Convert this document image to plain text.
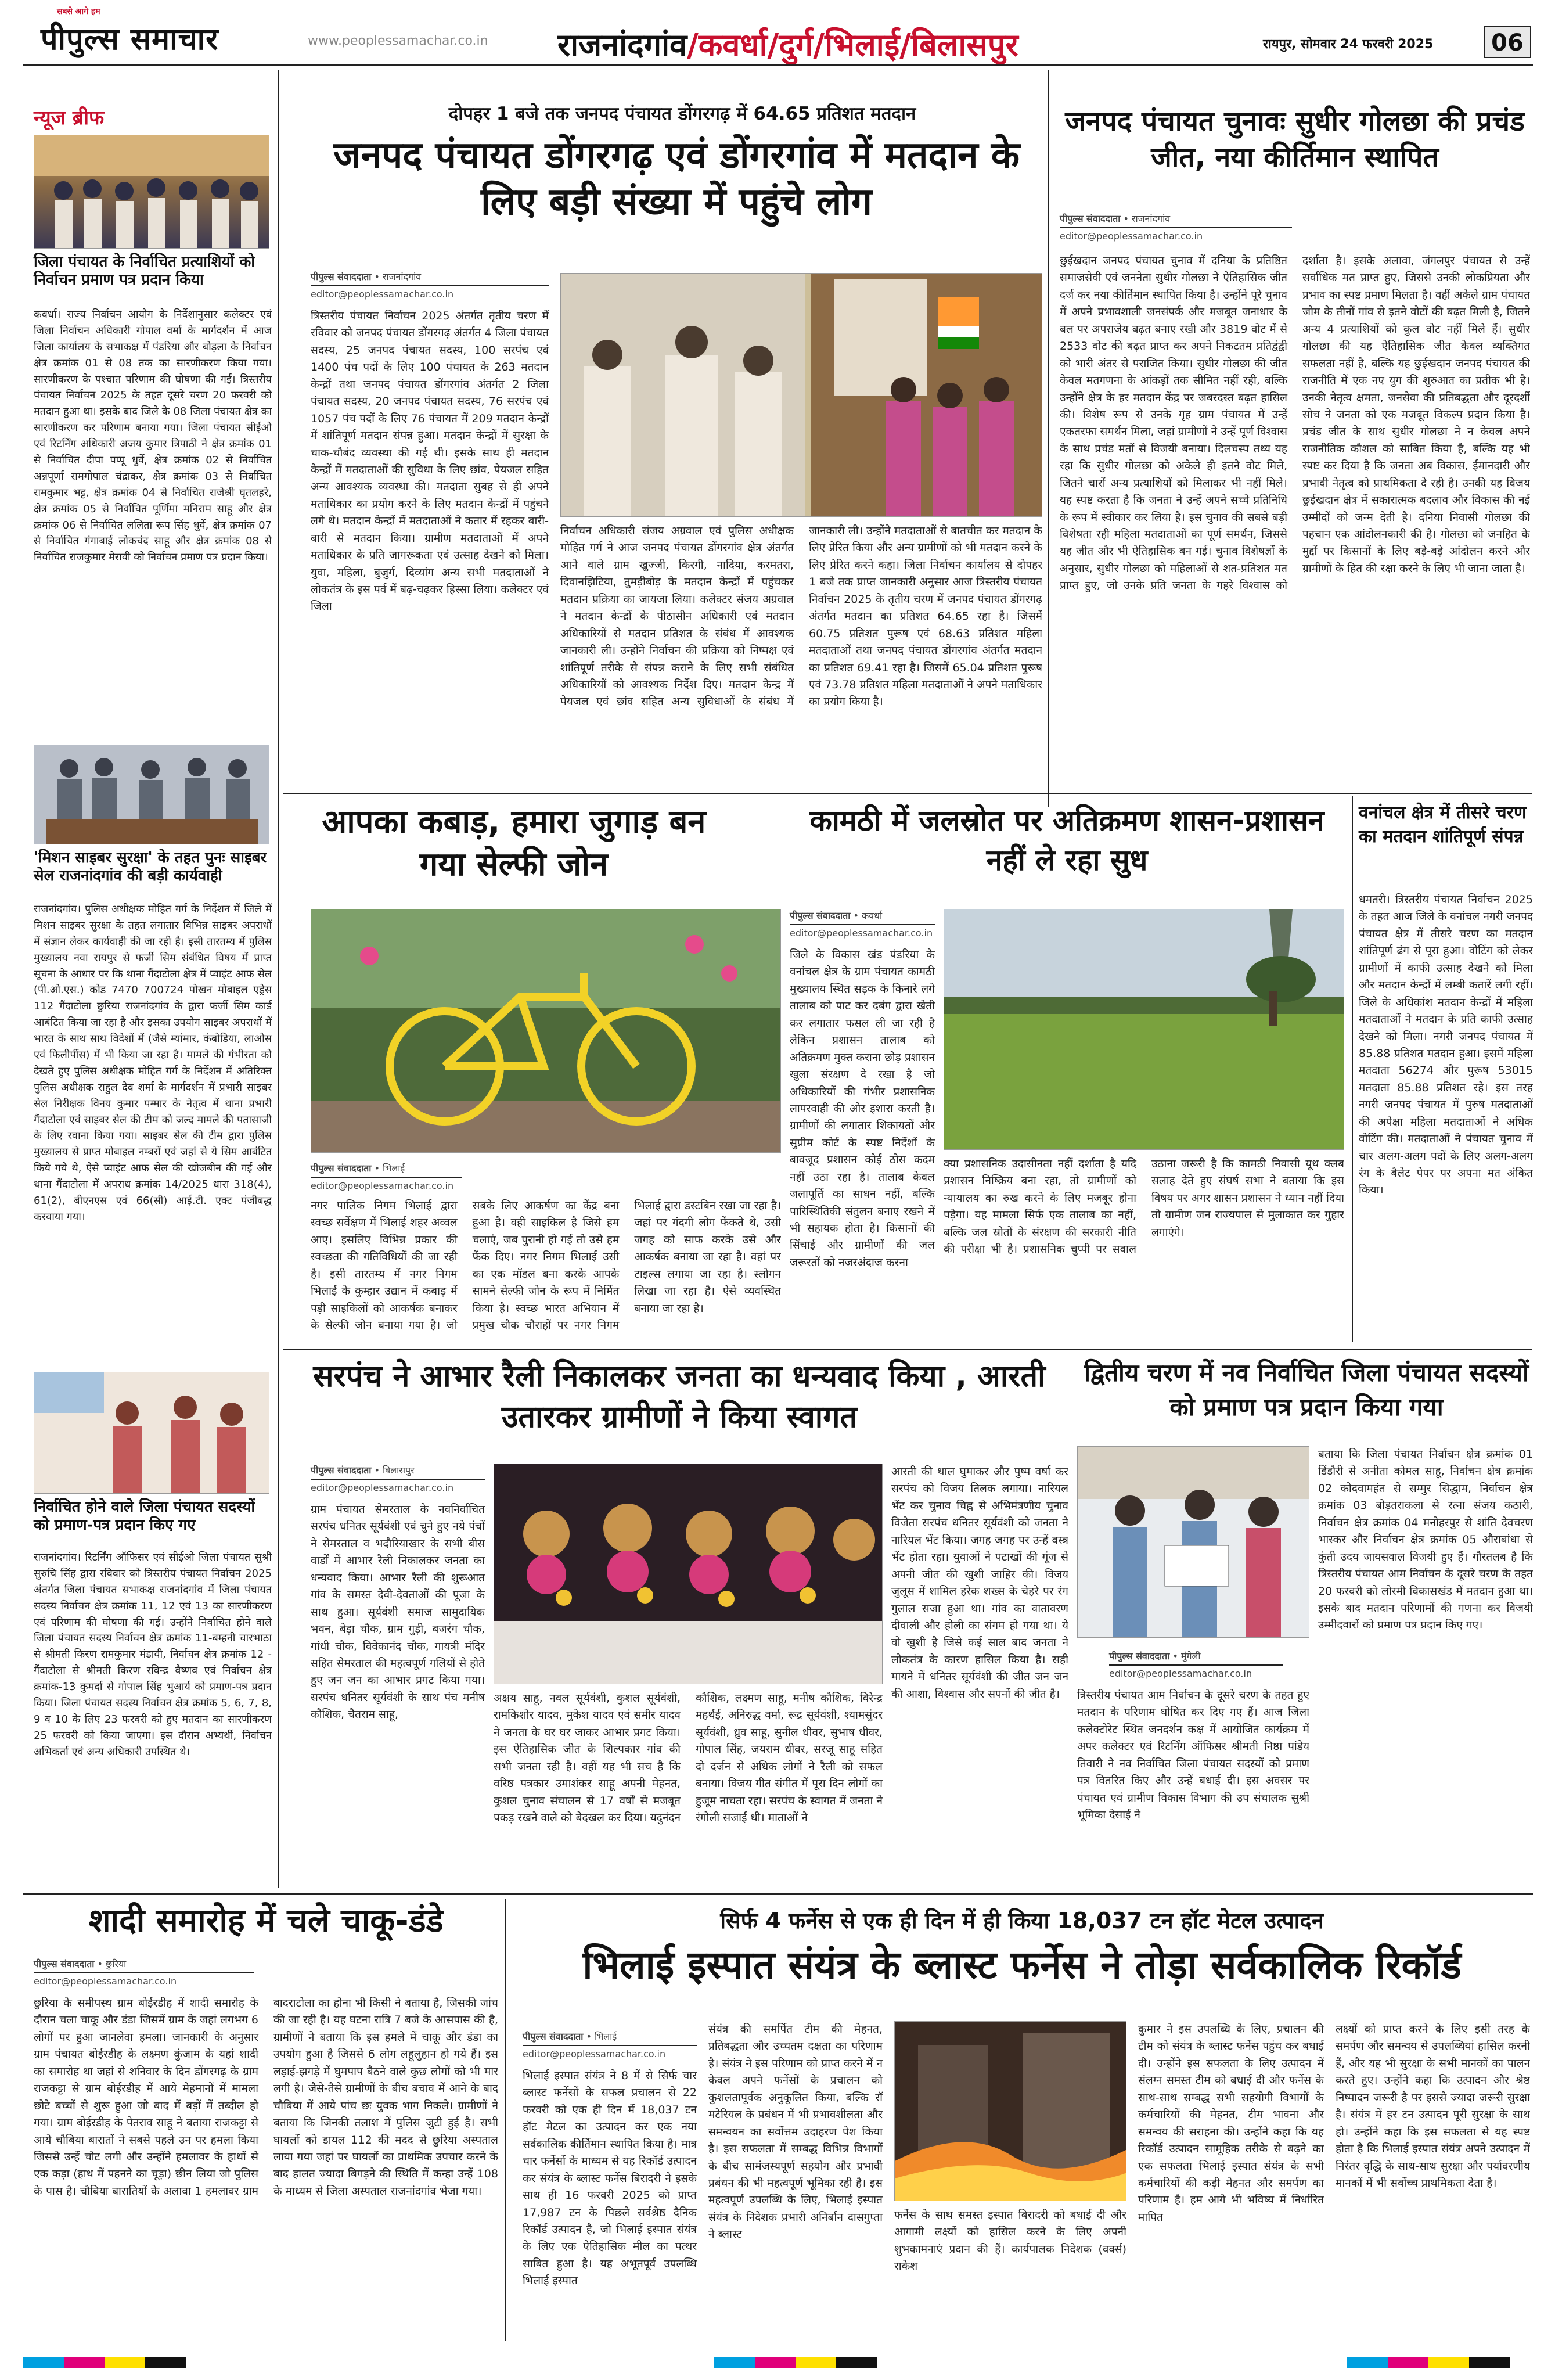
सबसे आगे हम
पीपुल्स समाचार	www.peoplessamachar.co.in राजनांदगांव/कवर्धा/दुर्ग/भिलाई/बिलासपुर	रायपुर, सोमवार 24 फरवरी 2025	06
न्यूज ब्रीफ
जिला पंचायत के निर्वाचित प्रत्याशियों को निर्वाचन प्रमाण पत्र प्रदान किया
कवर्धा। राज्य निर्वाचन आयोग के निर्देशानुसार कलेक्टर एवं जिला निर्वाचन अधिकारी गोपाल वर्मा के मार्गदर्शन में आज जिला कार्यालय के सभाकक्ष में पंडरिया और बोड़ला के निर्वाचन क्षेत्र क्रमांक 01 से 08 तक का सारणीकरण किया गया। सारणीकरण के पश्चात परिणाम की घोषणा की गई। त्रिस्तरीय पंचायत निर्वाचन 2025 के तहत दूसरे चरण 20 फरवरी को मतदान हुआ था। इसके बाद जिले के 08 जिला पंचायत क्षेत्र का सारणीकरण कर परिणाम बनाया गया। जिला पंचायत सीईओ एवं रिटर्निंग अधिकारी अजय कुमार त्रिपाठी ने क्षेत्र क्रमांक 01 से निर्वाचित दीपा पप्पू धुर्वे, क्षेत्र क्रमांक 02 से निर्वाचित अन्नपूर्णा रामगोपाल चंद्राकर, क्षेत्र क्रमांक 03 से निर्वाचित रामकुमार भट्ट, क्षेत्र क्रमांक 04 से निर्वाचित राजेश्री घृतलहरे, क्षेत्र क्रमांक 05 से निर्वाचित पूर्णिमा मनिराम साहू और क्षेत्र क्रमांक 06 से निर्वाचित ललिता रूप सिंह धुर्वे, क्षेत्र क्रमांक 07 से निर्वाचित गंगाबाई लोकचंद साहू और क्षेत्र क्रमांक 08 से निर्वाचित राजकुमार मेरावी को निर्वाचन प्रमाण पत्र प्रदान किया।
'मिशन साइबर सुरक्षा' के तहत पुनः साइबर सेल राजनांदगांव की बड़ी कार्यवाही
राजनांदगांव। पुलिस अधीक्षक मोहित गर्ग के निर्देशन में जिले में मिशन साइबर सुरक्षा के तहत लगातार विभिन्न साइबर अपराधों में संज्ञान लेकर कार्यवाही की जा रही है। इसी तारतम्य में पुलिस मुख्यालय नवा रायपुर से फर्जी सिम संबंधित विषय में प्राप्त सूचना के आधार पर कि थाना गैंदाटोला क्षेत्र में प्वाइंट आफ सेल (पी.ओ.एस.) कोड 7470 700724 पोखन मोबाइल एड्रेस 112 गैंदाटोला छुरिया राजनांदगांव के द्वारा फर्जी सिम कार्ड आबंटित किया जा रहा है और इसका उपयोग साइबर अपराधों में भारत के साथ साथ विदेशों में (जैसे म्यांमार, कंबोडिया, लाओस एवं फिलीपींस) में भी किया जा रहा है। मामले की गंभीरता को देखते हुए पुलिस अधीक्षक मोहित गर्ग के निर्देशन में अतिरिक्त पुलिस अधीक्षक राहुल देव शर्मा के मार्गदर्शन में प्रभारी साइबर सेल निरीक्षक विनय कुमार पम्मार के नेतृत्व में थाना प्रभारी गैंदाटोला एवं साइबर सेल की टीम को जल्द मामले की पतासाजी के लिए रवाना किया गया। साइबर सेल की टीम द्वारा पुलिस मुख्यालय से प्राप्त मोबाइल नम्बरों एवं जहां से ये सिम आबंटित किये गये थे, ऐसे प्वाइंट आफ सेल की खोजबीन की गई और थाना गैंदाटोला में अपराध क्रमांक 14/2025 धारा 318(4), 61(2), बीएनएस एवं 66(सी) आई.टी. एक्ट पंजीबद्ध करवाया गया।
निर्वाचित होने वाले जिला पंचायत सदस्यों को प्रमाण-पत्र प्रदान किए गए
राजनांदगांव। रिटर्निंग ऑफिसर एवं सीईओ जिला पंचायत सुश्री सुरुचि सिंह द्वारा रविवार को त्रिस्तरीय पंचायत निर्वाचन 2025 अंतर्गत जिला पंचायत सभाकक्ष राजनांदगांव में जिला पंचायत सदस्य निर्वाचन क्षेत्र क्रमांक 11, 12 एवं 13 का सारणीकरण एवं परिणाम की घोषणा की गई। उन्होंने निर्वाचित होने वाले जिला पंचायत सदस्य निर्वाचन क्षेत्र क्रमांक 11-बम्हनी चारभाठा से श्रीमती किरण रामकुमार मंडावी, निर्वाचन क्षेत्र क्रमांक 12 - गैंदाटोला से श्रीमती किरण रविन्द्र वैष्णव एवं निर्वाचन क्षेत्र क्रमांक-13 कुमर्दा से गोपाल सिंह भुआर्य को प्रमाण-पत्र प्रदान किया। जिला पंचायत सदस्य निर्वाचन क्षेत्र क्रमांक 5, 6, 7, 8, 9 व 10 के लिए 23 फरवरी को हुए मतदान का सारणीकरण 25 फरवरी को किया जाएगा। इस दौरान अभ्यर्थी, निर्वाचन अभिकर्ता एवं अन्य अधिकारी उपस्थित थे।
दोपहर 1 बजे तक जनपद पंचायत डोंगरगढ़ में 64.65 प्रतिशत मतदान
जनपद पंचायत डोंगरगढ़ एवं डोंगरगांव में मतदान के लिए बड़ी संख्या में पहुंचे लोग
पीपुल्स संवाददाता • राजनांदगांव
editor@peoplessamachar.co.in
त्रिस्तरीय पंचायत निर्वाचन 2025 अंतर्गत तृतीय चरण में रविवार को जनपद पंचायत डोंगरगढ़ अंतर्गत 4 जिला पंचायत सदस्य, 25 जनपद पंचायत सदस्य, 100 सरपंच एवं 1400 पंच पदों के लिए 100 पंचायत के 263 मतदान केन्द्रों तथा जनपद पंचायत डोंगरगांव अंतर्गत 2 जिला पंचायत सदस्य, 20 जनपद पंचायत सदस्य, 76 सरपंच एवं 1057 पंच पदों के लिए 76 पंचायत में 209 मतदान केन्द्रों में शांतिपूर्ण मतदान संपन्न हुआ। मतदान केन्द्रों में सुरक्षा के चाक-चौबंद व्यवस्था की गई थी। इसके साथ ही मतदान केन्द्रों में मतदाताओं की सुविधा के लिए छांव, पेयजल सहित अन्य आवश्यक व्यवस्था की। मतदाता सुबह से ही अपने मताधिकार का प्रयोग करने के लिए मतदान केन्द्रों में पहुंचने लगे थे। मतदान केन्द्रों में मतदाताओं ने कतार में रहकर बारी-बारी से मतदान किया। ग्रामीण मतदाताओं में अपने मताधिकार के प्रति जागरूकता एवं उत्साह देखने को मिला। युवा, महिला, बुजुर्ग, दिव्यांग अन्य सभी मतदाताओं ने लोकतंत्र के इस पर्व में बढ़-चढ़कर हिस्सा लिया। कलेक्टर एवं जिला
निर्वाचन अधिकारी संजय अग्रवाल एवं पुलिस अधीक्षक मोहित गर्ग ने आज जनपद पंचायत डोंगरगांव क्षेत्र अंतर्गत आने वाले ग्राम खुज्जी, किरगी, नादिया, करमतरा, दिवानझिटिया, तुमड़ीबोड़ के मतदान केन्द्रों में पहुंचकर मतदान प्रक्रिया का जायजा लिया। कलेक्टर संजय अग्रवाल ने मतदान केन्द्रों के पीठासीन अधिकारी एवं मतदान अधिकारियों से मतदान प्रतिशत के संबंध में आवश्यक जानकारी ली। उन्होंने निर्वाचन की प्रक्रिया को निष्पक्ष एवं शांतिपूर्ण तरीके से संपन्न कराने के लिए सभी संबंधित अधिकारियों को आवश्यक निर्देश दिए। मतदान केन्द्र में पेयजल एवं छांव सहित अन्य सुविधाओं के संबंध में जानकारी ली। उन्होंने मतदाताओं से बातचीत कर मतदान के लिए प्रेरित किया और अन्य ग्रामीणों को भी मतदान करने के लिए प्रेरित करने कहा। जिला निर्वाचन कार्यालय से दोपहर 1 बजे तक प्राप्त जानकारी अनुसार आज त्रिस्तरीय पंचायत निर्वाचन 2025 के तृतीय चरण में जनपद पंचायत डोंगरगढ़ अंतर्गत मतदान का प्रतिशत 64.65 रहा है। जिसमें 60.75 प्रतिशत पुरूष एवं 68.63 प्रतिशत महिला मतदाताओं तथा जनपद पंचायत डोंगरगांव अंतर्गत मतदान का प्रतिशत 69.41 रहा है। जिसमें 65.04 प्रतिशत पुरूष एवं 73.78 प्रतिशत महिला मतदाताओं ने अपने मताधिकार का प्रयोग किया है।
जनपद पंचायत चुनावः सुधीर गोलछा की प्रचंड जीत, नया कीर्तिमान स्थापित
पीपुल्स संवाददाता • राजनांदगांव
editor@peoplessamachar.co.in
छुईखदान जनपद पंचायत चुनाव में दनिया के प्रतिष्ठित समाजसेवी एवं जननेता सुधीर गोलछा ने ऐतिहासिक जीत दर्ज कर नया कीर्तिमान स्थापित किया है। उन्होंने पूरे चुनाव में अपने प्रभावशाली जनसंपर्क और मजबूत जनाधार के बल पर अपराजेय बढ़त बनाए रखी और 3819 वोट में से 2533 वोट की बढ़त प्राप्त कर अपने निकटतम प्रतिद्वंद्वी को भारी अंतर से पराजित किया। सुधीर गोलछा की जीत केवल मतगणना के आंकड़ों तक सीमित नहीं रही, बल्कि उन्होंने क्षेत्र के हर मतदान केंद्र पर जबरदस्त बढ़त हासिल की। विशेष रूप से उनके गृह ग्राम पंचायत में उन्हें एकतरफा समर्थन मिला, जहां ग्रामीणों ने उन्हें पूर्ण विश्वास के साथ प्रचंड मतों से विजयी बनाया। दिलचस्प तथ्य यह रहा कि सुधीर गोलछा को अकेले ही इतने वोट मिले, जितने चारों अन्य प्रत्याशियों को मिलाकर भी नहीं मिले। यह स्पष्ट करता है कि जनता ने उन्हें अपने सच्चे प्रतिनिधि के रूप में स्वीकार कर लिया है। इस चुनाव की सबसे बड़ी विशेषता रही महिला मतदाताओं का पूर्ण समर्थन, जिससे यह जीत और भी ऐतिहासिक बन गई। चुनाव विशेषज्ञों के अनुसार, सुधीर गोलछा को महिलाओं से शत-प्रतिशत मत प्राप्त हुए, जो उनके प्रति जनता के गहरे विश्वास को दर्शाता है। इसके अलावा, जंगलपुर पंचायत से उन्हें सर्वाधिक मत प्राप्त हुए, जिससे उनकी लोकप्रियता और प्रभाव का स्पष्ट प्रमाण मिलता है। वहीं अकेले ग्राम पंचायत जोम के तीनों गांव से इतने वोटों की बढ़त मिली है, जितने अन्य 4 प्रत्याशियों को कुल वोट नहीं मिले हैं। सुधीर गोलछा की यह ऐतिहासिक जीत केवल व्यक्तिगत सफलता नहीं है, बल्कि यह छुईखदान जनपद पंचायत की राजनीति में एक नए युग की शुरुआत का प्रतीक भी है। उनकी नेतृत्व क्षमता, जनसेवा की प्रतिबद्धता और दूरदर्शी सोच ने जनता को एक मजबूत विकल्प प्रदान किया है। प्रचंड जीत के साथ सुधीर गोलछा ने न केवल अपने राजनीतिक कौशल को साबित किया है, बल्कि यह भी स्पष्ट कर दिया है कि जनता अब विकास, ईमानदारी और प्रभावी नेतृत्व को प्राथमिकता दे रही है। उनकी यह विजय छुईखदान क्षेत्र में सकारात्मक बदलाव और विकास की नई उम्मीदों को जन्म देती है। दनिया निवासी गोलछा की पहचान एक आंदोलनकारी की है। गोलछा को जनहित के मुद्दों पर किसानों के लिए बड़े-बड़े आंदोलन करने और ग्रामीणों के हित की रक्षा करने के लिए भी जाना जाता है।
आपका कबाड़, हमारा जुगाड़ बन गया सेल्फी जोन
पीपुल्स संवाददाता • भिलाई
editor@peoplessamachar.co.in
नगर पालिक निगम भिलाई द्वारा स्वच्छ सर्वेक्षण में भिलाई शहर अव्वल आए। इसलिए विभिन्न प्रकार की स्वच्छता की गतिविधियों की जा रही है। इसी तारतम्य में नगर निगम भिलाई के कुम्हार उद्यान में कबाड़ में पड़ी साइकिलों को आकर्षक बनाकर के सेल्फी जोन बनाया गया है। जो सबके लिए आकर्षण का केंद्र बना हुआ है। वही साइकिल है जिसे हम चलाएं, जब पुरानी हो गई तो उसे हम फेंक दिए। नगर निगम भिलाई उसी का एक मॉडल बना करके आपके सामने सेल्फी जोन के रूप में निर्मित किया है। स्वच्छ भारत अभियान में प्रमुख चौक चौराहों पर नगर निगम भिलाई द्वारा डस्टबिन रखा जा रहा है। जहां पर गंदगी लोग फेंकते थे, उसी जगह को साफ करके उसे और आकर्षक बनाया जा रहा है। वहां पर टाइल्स लगाया जा रहा है। स्लोगन लिखा जा रहा है। ऐसे व्यवस्थित बनाया जा रहा है।
कामठी में जलस्रोत पर अतिक्रमण शासन-प्रशासन नहीं ले रहा सुध
पीपुल्स संवाददाता • कवर्धा
editor@peoplessamachar.co.in
जिले के विकास खंड पंडरिया के वनांचल क्षेत्र के ग्राम पंचायत कामठी मुख्यालय स्थित सड़क के किनारे लगे तालाब को पाट कर दबंग द्वारा खेती कर लगातार फसल ली जा रही है लेकिन प्रशासन तालाब को अतिक्रमण मुक्त कराना छोड़ प्रशासन खुला संरक्षण दे रखा है जो अधिकारियों की गंभीर प्रशासनिक लापरवाही की ओर इशारा करती है। ग्रामीणों की लगातार शिकायतों और सुप्रीम कोर्ट के स्पष्ट निर्देशों के बावजूद प्रशासन कोई ठोस कदम नहीं उठा रहा है। तालाब केवल जलापूर्ति का साधन नहीं, बल्कि पारिस्थितिकी संतुलन बनाए रखने में भी सहायक होता है। किसानों की सिंचाई और ग्रामीणों की जल जरूरतों को नजरअंदाज करना
क्या प्रशासनिक उदासीनता नहीं दर्शाता है यदि प्रशासन निष्क्रिय बना रहा, तो ग्रामीणों को न्यायालय का रुख करने के लिए मजबूर होना पड़ेगा। यह मामला सिर्फ एक तालाब का नहीं, बल्कि जल स्रोतों के संरक्षण की सरकारी नीति की परीक्षा भी है। प्रशासनिक चुप्पी पर सवाल उठाना जरूरी है कि कामठी निवासी यूथ क्लब सलाह देते हुए संघर्ष सभा ने बताया कि इस विषय पर अगर शासन प्रशासन ने ध्यान नहीं दिया तो ग्रामीण जन राज्यपाल से मुलाकात कर गुहार लगाएंगे।
वनांचल क्षेत्र में तीसरे चरण का मतदान शांतिपूर्ण संपन्न
धमतरी। त्रिस्तरीय पंचायत निर्वाचन 2025 के तहत आज जिले के वनांचल नगरी जनपद पंचायत क्षेत्र में तीसरे चरण का मतदान शांतिपूर्ण ढंग से पूरा हुआ। वोटिंग को लेकर ग्रामीणों में काफी उत्साह देखने को मिला और मतदान केन्द्रों में लम्बी कतारें लगी रहीं। जिले के अधिकांश मतदान केन्द्रों में महिला मतदाताओं ने मतदान के प्रति काफी उत्साह देखने को मिला। नगरी जनपद पंचायत में 85.88 प्रतिशत मतदान हुआ। इसमें महिला मतदाता 56274 और पुरूष 53015 मतदाता 85.88 प्रतिशत रहे। इस तरह नगरी जनपद पंचायत में पुरुष मतदाताओं की अपेक्षा महिला मतदाताओं ने अधिक वोटिंग की। मतदाताओं ने पंचायत चुनाव में चार अलग-अलग पदों के लिए अलग-अलग रंग के बैलेट पेपर पर अपना मत अंकित किया।
सरपंच ने आभार रैली निकालकर जनता का धन्यवाद किया , आरती उतारकर ग्रामीणों ने किया स्वागत
पीपुल्स संवाददाता • बिलासपुर
editor@peoplessamachar.co.in
ग्राम पंचायत सेमरताल के नवनिर्वाचित सरपंच धनितर सूर्यवंशी एवं चुने हुए नये पंचों ने सेमरताल व भदौरियाखार के सभी बीस वार्डों में आभार रैली निकालकर जनता का धन्यवाद किया। आभार रैली की शुरूआत गांव के समस्त देवी-देवताओं की पूजा के साथ हुआ। सूर्यवंशी समाज सामुदायिक भवन, बेड़ा चौक, ग्राम गुड़ी, बजरंग चौक, गांधी चौक, विवेकानंद चौक, गायत्री मंदिर सहित सेमरताल की महत्वपूर्ण गलियों से होते हुए जन जन का आभार प्रगट किया गया। सरपंच धनितर सूर्यवंशी के साथ पंच मनीष कौशिक, चैतराम साहू,
अक्षय साहू, नवल सूर्यवंशी, कुशल सूर्यवंशी, रामकिशोर यादव, मुकेश यादव एवं समीर यादव ने जनता के घर घर जाकर आभार प्रगट किया। इस ऐतिहासिक जीत के शिल्पकार गांव की सभी जनता रही है। वहीं यह भी सच है कि वरिष्ठ पत्रकार उमाशंकर साहू अपनी मेहनत, कुशल चुनाव संचालन से 17 वर्षों से मजबूत पकड़ रखने वाले को बेदखल कर दिया। यदुनंदन कौशिक, लक्ष्मण साहू, मनीष कौशिक, विरेन्द्र महर्थई, अनिरुद्ध वर्मा, रूद्र सूर्यवंशी, श्यामसुंदर सूर्यवंशी, ध्रुव साहू, सुनील धीवर, सुभाष धीवर, गोपाल सिंह, जयराम धीवर, सरजू साहू सहित दो दर्जन से अधिक लोगों ने रैली को सफल बनाया। विजय गीत संगीत में पूरा दिन लोगों का हुजूम नाचता रहा। सरपंच के स्वागत में जनता ने रंगोली सजाई थी। माताओं ने
आरती की थाल घुमाकर और पुष्प वर्षा कर सरपंच को विजय तिलक लगाया। नारियल भेंट कर चुनाव चिह्न से अभिमंत्रणीय चुनाव विजेता सरपंच धनितर सूर्यवंशी को जनता ने नारियल भेंट किया। जगह जगह पर उन्हें वस्त्र भेंट होता रहा। युवाओं ने पटाखों की गूंज से अपनी जीत की खुशी जाहिर की। विजय जुलूस में शामिल हरेक शख्स के चेहरे पर रंग गुलाल सजा हुआ था। गांव का वातावरण दीवाली और होली का संगम हो गया था। ये वो खुशी है जिसे कई साल बाद जनता ने लोकतंत्र के कारण हासिल किया है। सही मायने में धनितर सूर्यवंशी की जीत जन जन की आशा, विश्वास और सपनों की जीत है।
द्वितीय चरण में नव निर्वाचित जिला पंचायत सदस्यों को प्रमाण पत्र प्रदान किया गया
पीपुल्स संवाददाता • मुंगेली
editor@peoplessamachar.co.in
त्रिस्तरीय पंचायत आम निर्वाचन के दूसरे चरण के तहत हुए मतदान के परिणाम घोषित कर दिए गए हैं। आज जिला कलेक्टोरेट स्थित जनदर्शन कक्ष में आयोजित कार्यक्रम में अपर कलेक्टर एवं रिटर्निंग ऑफिसर श्रीमती निष्ठा पांडेय तिवारी ने नव निर्वाचित जिला पंचायत सदस्यों को प्रमाण पत्र वितरित किए और उन्हें बधाई दी। इस अवसर पर पंचायत एवं ग्रामीण विकास विभाग की उप संचालक सुश्री भूमिका देसाई ने
बताया कि जिला पंचायत निर्वाचन क्षेत्र क्रमांक 01 डिंडौरी से अनीता कोमल साहू, निर्वाचन क्षेत्र क्रमांक 02 कोदवामहंत से सम्मुर सिद्धाम, निर्वाचन क्षेत्र क्रमांक 03 बोड़तराकला से रत्ना संजय कठारी, निर्वाचन क्षेत्र क्रमांक 04 मनोहरपुर से शांति देवचरण भास्कर और निर्वाचन क्षेत्र क्रमांक 05 औराबांधा से कुंती उदय जायसवाल विजयी हुए हैं। गौरतलब है कि त्रिस्तरीय पंचायत आम निर्वाचन के दूसरे चरण के तहत 20 फरवरी को लोरमी विकासखंड में मतदान हुआ था। इसके बाद मतदान परिणामों की गणना कर विजयी उम्मीदवारों को प्रमाण पत्र प्रदान किए गए।
शादी समारोह में चले चाकू-डंडे
पीपुल्स संवाददाता • छुरिया
editor@peoplessamachar.co.in
छुरिया के समीपस्थ ग्राम बोईरडीह में शादी समारोह के दौरान चला चाकू और डंडा जिसमें ग्राम के जहां लगभग 6 लोगों पर हुआ जानलेवा हमला। जानकारी के अनुसार ग्राम पंचायत बोईरडीह के लक्ष्मण कुंजाम के यहां शादी का समारोह था जहां से शनिवार के दिन डोंगरगढ़ के ग्राम राजकट्टा से ग्राम बोईरडीह में आये मेहमानों में मामला छोटे बच्चों से शुरू हुआ जो बाद में बड़ों में तब्दील हो गया। ग्राम बोईरडीह के पेतराव साहू ने बताया राजकट्टा से आये चौबिया बारातों ने सबसे पहले उन पर हमला किया जिससे उन्हें चोट लगी और उन्होंने हमलावर के हाथों से एक कड़ा (हाथ में पहनने का चूड़ा) छीन लिया जो पुलिस के पास है। चौबिया बारातियों के अलावा 1 हमलावर ग्राम बादराटोला का होना भी किसी ने बताया है, जिसकी जांच की जा रही है। यह घटना रात्रि 7 बजे के आसपास की है, ग्रामीणों ने बताया कि इस हमले में चाकू और डंडा का उपयोग हुआ है जिससे 6 लोग लहूलुहान हो गये हैं। इस लड़ाई-झगड़े में घुमपाप बैठने वाले कुछ लोगों को भी मार लगी है। जैसे-तैसे ग्रामीणों के बीच बचाव में आने के बाद चौबिया में आये पांच छः युवक भाग निकले। ग्रामीणों ने बताया कि जिनकी तलाश में पुलिस जुटी हुई है। सभी घायलों को डायल 112 की मदद से छुरिया अस्पताल लाया गया जहां पर घायलों का प्राथमिक उपचार करने के बाद हालत ज्यादा बिगड़ने की स्थिति में कन्हा उन्हें 108 के माध्यम से जिला अस्पताल राजनांदगांव भेजा गया।
सिर्फ 4 फर्नेस से एक ही दिन में ही किया 18,037 टन हॉट मेटल उत्पादन
भिलाई इस्पात संयंत्र के ब्लास्ट फर्नेस ने तोड़ा सर्वकालिक रिकॉर्ड
पीपुल्स संवाददाता • भिलाई
editor@peoplessamachar.co.in
भिलाई इस्पात संयंत्र ने 8 में से सिर्फ चार ब्लास्ट फर्नेसों के सफल प्रचालन से 22 फरवरी को एक ही दिन में 18,037 टन हॉट मेटल का उत्पादन कर एक नया सर्वकालिक कीर्तिमान स्थापित किया है। मात्र चार फर्नेसों के माध्यम से यह रिकॉर्ड उत्पादन कर संयंत्र के ब्लास्ट फर्नेस बिरादरी ने इसके साथ ही 16 फरवरी 2025 को प्राप्त 17,987 टन के पिछले सर्वश्रेष्ठ दैनिक रिकॉर्ड उत्पादन है, जो भिलाई इस्पात संयंत्र के लिए एक ऐतिहासिक मील का पत्थर साबित हुआ है। यह अभूतपूर्व उपलब्धि भिलाई इस्पात
संयंत्र की समर्पित टीम की मेहनत, प्रतिबद्धता और उच्चतम दक्षता का परिणाम है। संयंत्र ने इस परिणाम को प्राप्त करने में न केवल अपने फर्नेसों के प्रचालन को कुशलतापूर्वक अनुकूलित किया, बल्कि रॉ मटेरियल के प्रबंधन में भी प्रभावशीलता और समन्वयन का सर्वोत्तम उदाहरण पेश किया है। इस सफलता में सम्बद्ध विभिन्न विभागों के बीच सामंजस्यपूर्ण सहयोग और प्रभावी प्रबंधन की भी महत्वपूर्ण भूमिका रही है। इस महत्वपूर्ण उपलब्धि के लिए, भिलाई इस्पात संयंत्र के निदेशक प्रभारी अनिर्बान दासगुप्ता ने ब्लास्ट
फर्नेस के साथ समस्त इस्पात बिरादरी को बधाई दी और आगामी लक्ष्यों को हासिल करने के लिए अपनी शुभकामनाएं प्रदान की हैं। कार्यपालक निदेशक (वर्क्स) राकेश
कुमार ने इस उपलब्धि के लिए, प्रचालन की टीम को संयंत्र के ब्लास्ट फर्नेस पहुंच कर बधाई दी। उन्होंने इस सफलता के लिए उत्पादन में संलग्न समस्त टीम को बधाई दी और फर्नेस के साथ-साथ सम्बद्ध सभी सहयोगी विभागों के कर्मचारियों की मेहनत, टीम भावना और समन्वय की सराहना की। उन्होंने कहा कि यह रिकॉर्ड उत्पादन सामूहिक तरीके से बढ़ने का एक सफलता भिलाई इस्पात संयंत्र के सभी कर्मचारियों की कड़ी मेहनत और समर्पण का परिणाम है। हम आगे भी भविष्य में निर्धारित मापित
लक्ष्यों को प्राप्त करने के लिए इसी तरह के समर्पण और समन्वय से उपलब्धियां हासिल करनी हैं, और यह भी सुरक्षा के सभी मानकों का पालन करते हुए। उन्होंने कहा कि उत्पादन और श्रेष्ठ निष्पादन जरूरी है पर इससे ज्यादा जरूरी सुरक्षा है। संयंत्र में हर टन उत्पादन पूरी सुरक्षा के साथ हो। उन्होंने कहा कि इस सफलता से यह स्पष्ट होता है कि भिलाई इस्पात संयंत्र अपने उत्पादन में निरंतर वृद्धि के साथ-साथ सुरक्षा और पर्यावरणीय मानकों में भी सर्वोच्च प्राथमिकता देता है।
